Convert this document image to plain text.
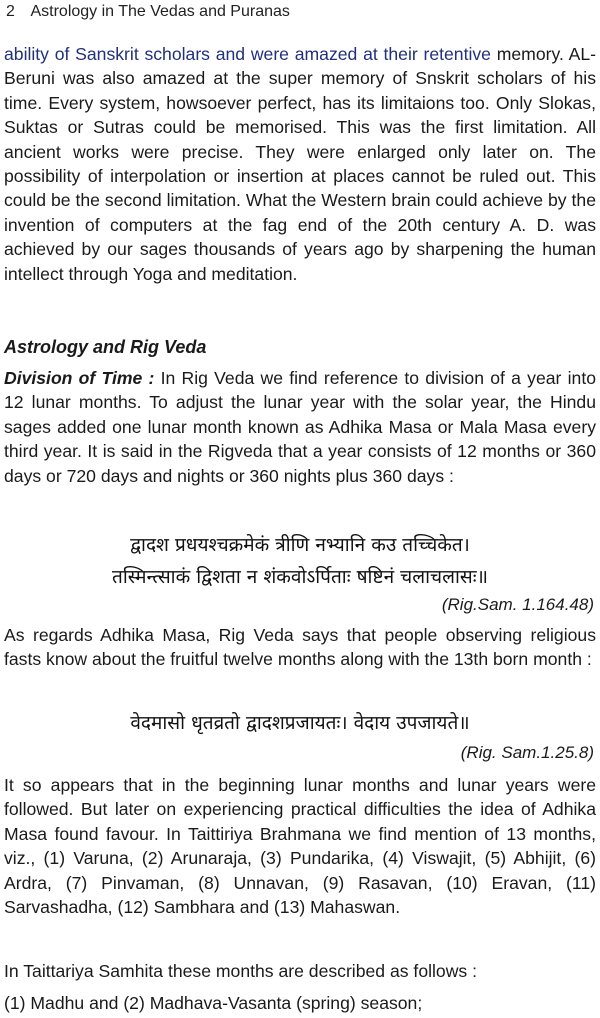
2 Astrology in The Vedas and Puranas

ability of Sanskrit scholars and were amazed at their retentive memory. AL-Beruni was also amazed at the super memory of Snskrit scholars of his time. Every system, howsoever perfect, has its limitaions too. Only Slokas, Suktas or Sutras could be memorised. This was the first limitation. All ancient works were precise. They were enlarged only later on. The possibility of interpolation or insertion at places cannot be ruled out. This could be the second limitation. What the Western brain could achieve by the invention of computers at the fag end of the 20th century A. D. was achieved by our sages thousands of years ago by sharpening the human intellect through Yoga and meditation.

Astrology and Rig Veda

Division of Time : In Rig Veda we find reference to division of a year into 12 lunar months. To adjust the lunar year with the solar year, the Hindu sages added one lunar month known as Adhika Masa or Mala Masa every third year. It is said in the Rigveda that a year consists of 12 months or 360 days or 720 days and nights or 360 nights plus 360 days :

द्वादश प्रधयश्चक्रमेकं त्रीणि नभ्यानि कउ तच्चिकेत।
तस्मिन्त्साकं द्विशता न शंकवोऽर्पिताः षष्टिनं चलाचलासः॥
(Rig.Sam. 1.164.48)

As regards Adhika Masa, Rig Veda says that people observing religious fasts know about the fruitful twelve months along with the 13th born month :

वेदमासो धृतव्रतो द्वादशप्रजायतः। वेदाय उपजायते॥
(Rig. Sam.1.25.8)

It so appears that in the beginning lunar months and lunar years were followed. But later on experiencing practical difficulties the idea of Adhika Masa found favour. In Taittiriya Brahmana we find mention of 13 months, viz., (1) Varuna, (2) Arunaraja, (3) Pundarika, (4) Viswajit, (5) Abhijit, (6) Ardra, (7) Pinvaman, (8) Unnavan, (9) Rasavan, (10) Eravan, (11) Sarvashadha, (12) Sambhara and (13) Mahaswan.

In Taittariya Samhita these months are described as follows :

(1) Madhu and (2) Madhava-Vasanta (spring) season;
